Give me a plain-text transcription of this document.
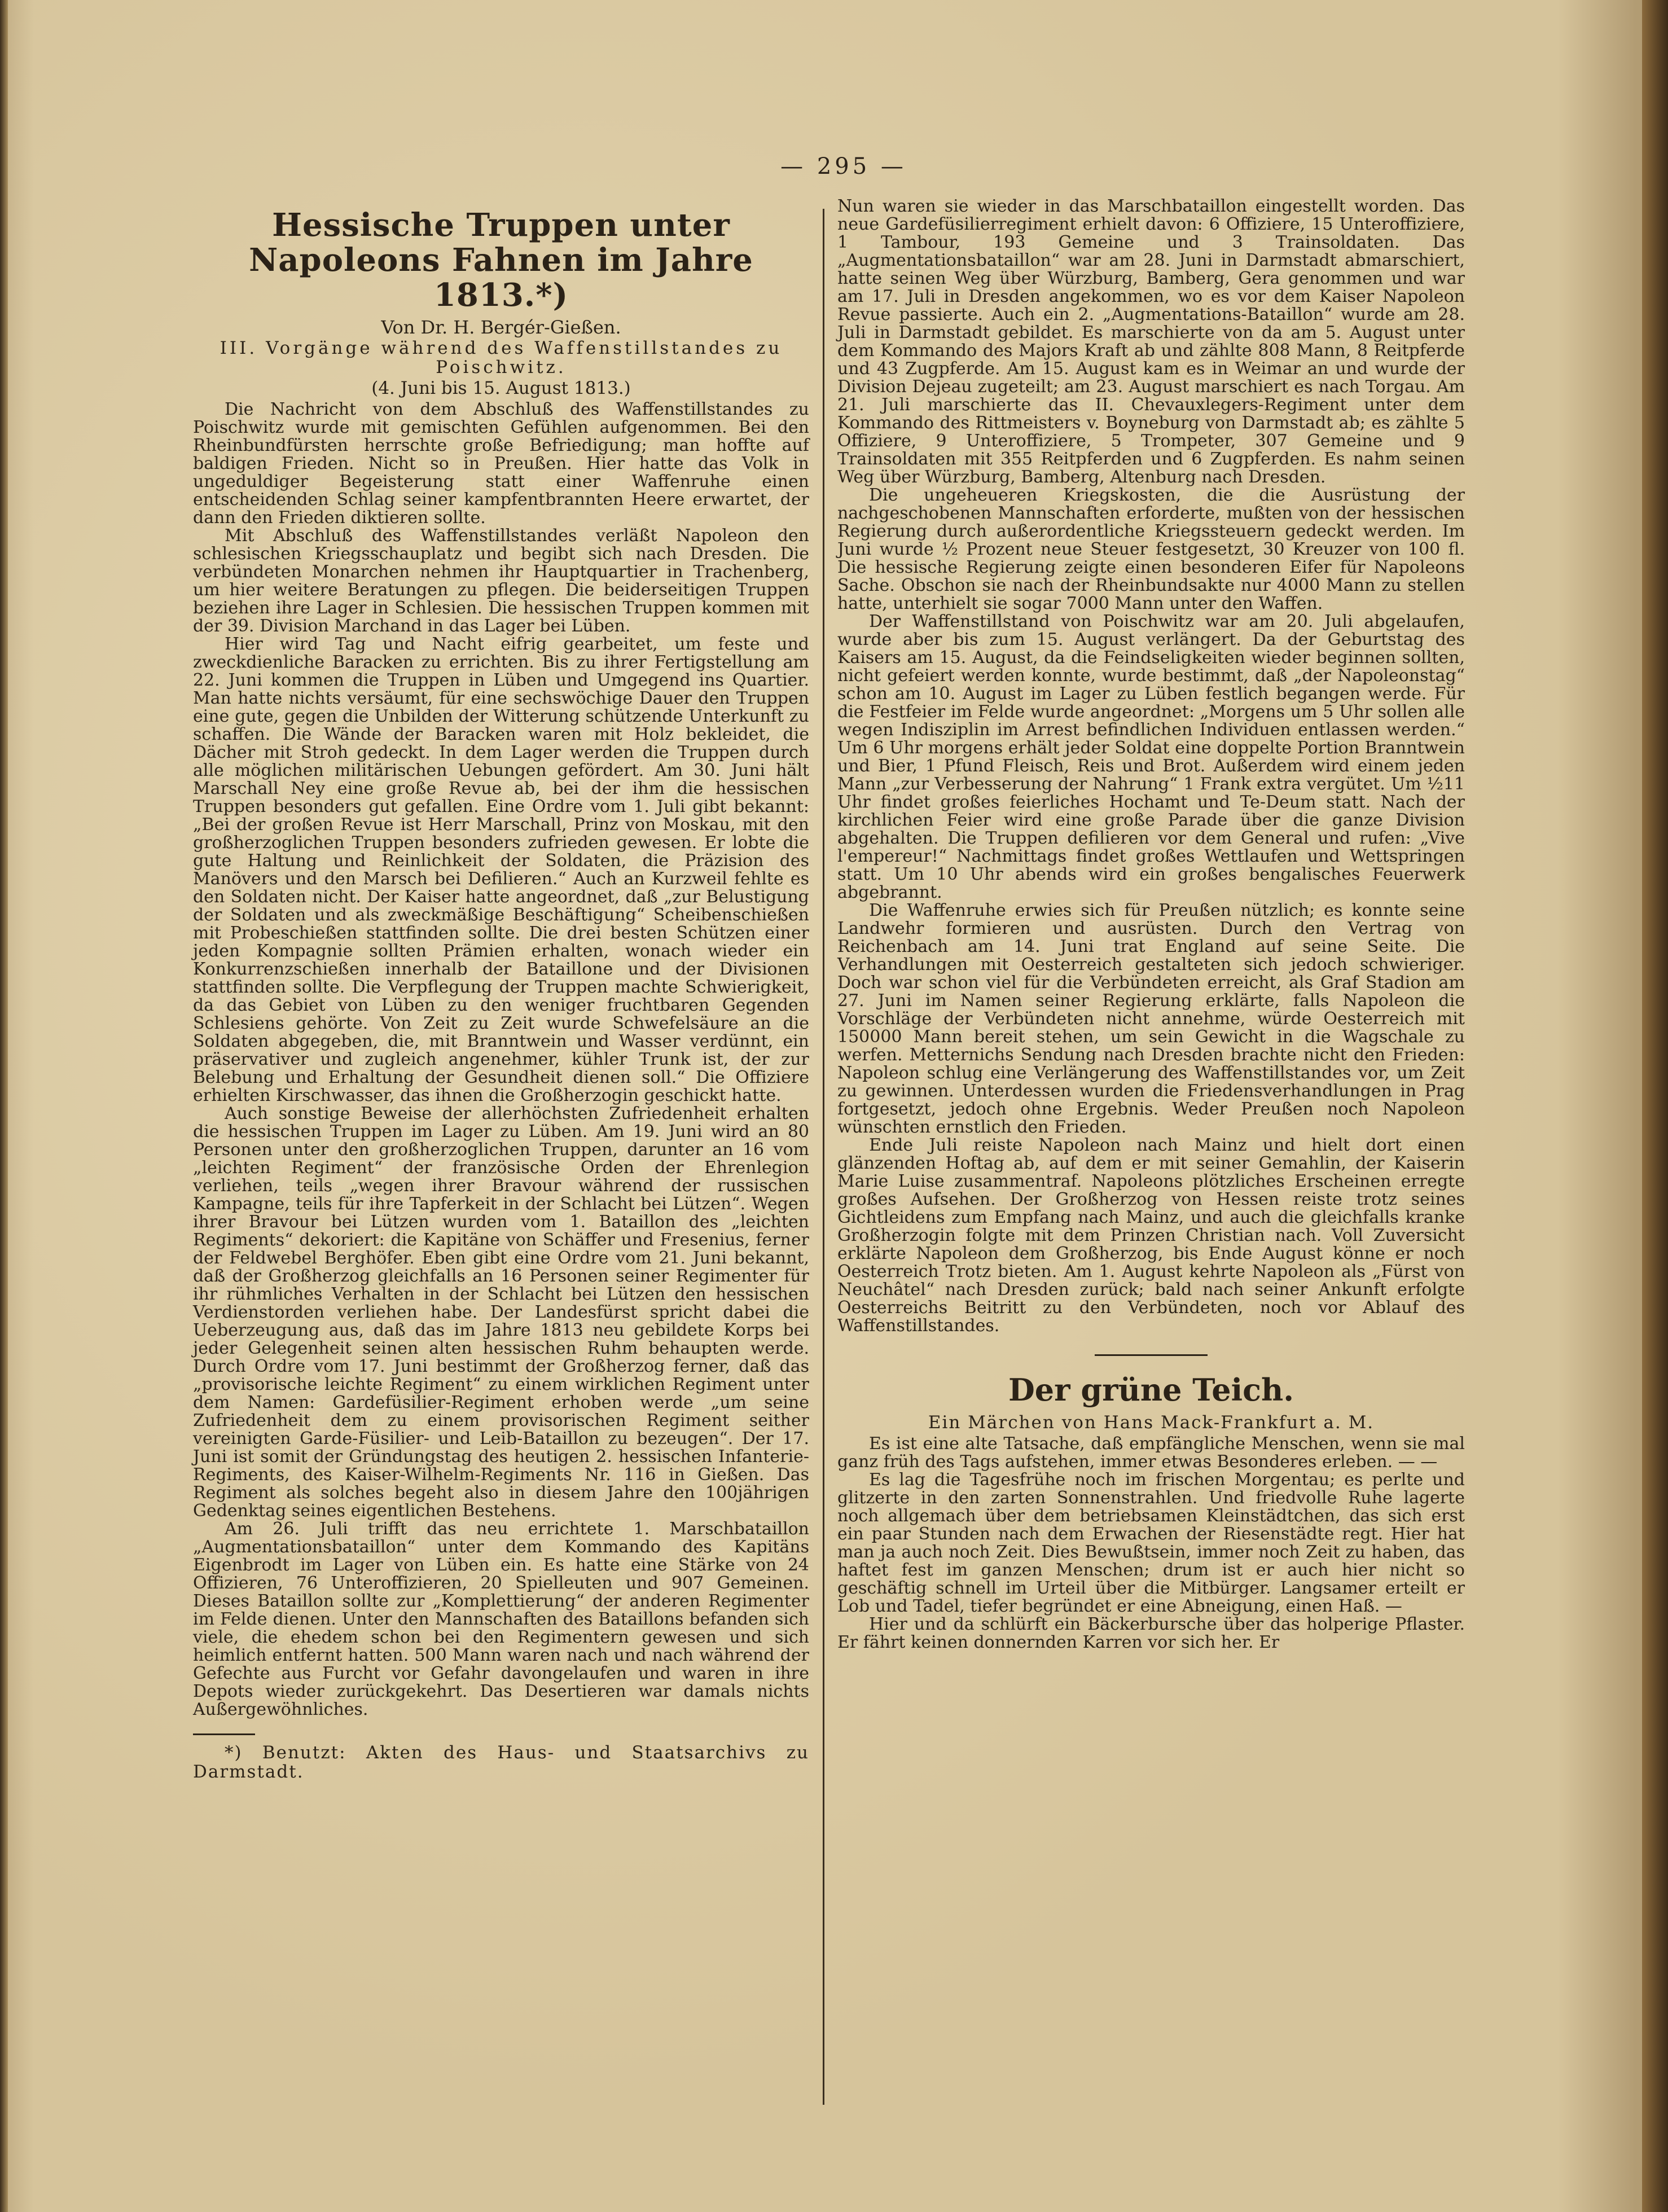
— 295 —
Hessische Truppen unter Napoleons Fahnen im Jahre 1813.*)
Von Dr. H. Bergér-Gießen.
III. Vorgänge während des Waffenstillstandes zu Poischwitz.
(4. Juni bis 15. August 1813.)

Die Nachricht von dem Abschluß des Waffenstillstandes zu Poischwitz wurde mit gemischten Gefühlen aufgenommen. Bei den Rheinbundfürsten herrschte große Befriedigung; man hoffte auf baldigen Frieden. Nicht so in Preußen. Hier hatte das Volk in ungeduldiger Begeisterung statt einer Waffenruhe einen entscheidenden Schlag seiner kampfentbrannten Heere erwartet, der dann den Frieden diktieren sollte.

Mit Abschluß des Waffenstillstandes verläßt Napoleon den schlesischen Kriegsschauplatz und begibt sich nach Dresden. Die verbündeten Monarchen nehmen ihr Hauptquartier in Trachenberg, um hier weitere Beratungen zu pflegen. Die beiderseitigen Truppen beziehen ihre Lager in Schlesien. Die hessischen Truppen kommen mit der 39. Division Marchand in das Lager bei Lüben.

Hier wird Tag und Nacht eifrig gearbeitet, um feste und zweckdienliche Baracken zu errichten. Bis zu ihrer Fertigstellung am 22. Juni kommen die Truppen in Lüben und Umgegend ins Quartier. Man hatte nichts versäumt, für eine sechswöchige Dauer den Truppen eine gute, gegen die Unbilden der Witterung schützende Unterkunft zu schaffen. Die Wände der Baracken waren mit Holz bekleidet, die Dächer mit Stroh gedeckt. In dem Lager werden die Truppen durch alle möglichen militärischen Uebungen gefördert. Am 30. Juni hält Marschall Ney eine große Revue ab, bei der ihm die hessischen Truppen besonders gut gefallen. Eine Ordre vom 1. Juli gibt bekannt: „Bei der großen Revue ist Herr Marschall, Prinz von Moskau, mit den großherzoglichen Truppen besonders zufrieden gewesen. Er lobte die gute Haltung und Reinlichkeit der Soldaten, die Präzision des Manövers und den Marsch bei Defilieren.“ Auch an Kurzweil fehlte es den Soldaten nicht. Der Kaiser hatte angeordnet, daß „zur Belustigung der Soldaten und als zweckmäßige Beschäftigung“ Scheibenschießen mit Probeschießen stattfinden sollte. Die drei besten Schützen einer jeden Kompagnie sollten Prämien erhalten, wonach wieder ein Konkurrenzschießen innerhalb der Bataillone und der Divisionen stattfinden sollte. Die Verpflegung der Truppen machte Schwierigkeit, da das Gebiet von Lüben zu den weniger fruchtbaren Gegenden Schlesiens gehörte. Von Zeit zu Zeit wurde Schwefelsäure an die Soldaten abgegeben, die, mit Branntwein und Wasser verdünnt, ein präservativer und zugleich angenehmer, kühler Trunk ist, der zur Belebung und Erhaltung der Gesundheit dienen soll.“ Die Offiziere erhielten Kirschwasser, das ihnen die Großherzogin geschickt hatte.

Auch sonstige Beweise der allerhöchsten Zufriedenheit erhalten die hessischen Truppen im Lager zu Lüben. Am 19. Juni wird an 80 Personen unter den großherzoglichen Truppen, darunter an 16 vom „leichten Regiment“ der französische Orden der Ehrenlegion verliehen, teils „wegen ihrer Bravour während der russischen Kampagne, teils für ihre Tapferkeit in der Schlacht bei Lützen“. Wegen ihrer Bravour bei Lützen wurden vom 1. Bataillon des „leichten Regiments“ dekoriert: die Kapitäne von Schäffer und Fresenius, ferner der Feldwebel Berghöfer. Eben gibt eine Ordre vom 21. Juni bekannt, daß der Großherzog gleichfalls an 16 Personen seiner Regimenter für ihr rühmliches Verhalten in der Schlacht bei Lützen den hessischen Verdienstorden verliehen habe. Der Landesfürst spricht dabei die Ueberzeugung aus, daß das im Jahre 1813 neu gebildete Korps bei jeder Gelegenheit seinen alten hessischen Ruhm behaupten werde. Durch Ordre vom 17. Juni bestimmt der Großherzog ferner, daß das „provisorische leichte Regiment“ zu einem wirklichen Regiment unter dem Namen: Gardefüsilier-Regiment erhoben werde „um seine Zufriedenheit dem zu einem provisorischen Regiment seither vereinigten Garde-Füsilier- und Leib-Bataillon zu bezeugen“. Der 17. Juni ist somit der Gründungstag des heutigen 2. hessischen Infanterie-Regiments, des Kaiser-Wilhelm-Regiments Nr. 116 in Gießen. Das Regiment als solches begeht also in diesem Jahre den 100jährigen Gedenktag seines eigentlichen Bestehens.

Am 26. Juli trifft das neu errichtete 1. Marschbataillon „Augmentationsbataillon“ unter dem Kommando des Kapitäns Eigenbrodt im Lager von Lüben ein. Es hatte eine Stärke von 24 Offizieren, 76 Unteroffizieren, 20 Spielleuten und 907 Gemeinen. Dieses Bataillon sollte zur „Komplettierung“ der anderen Regimenter im Felde dienen. Unter den Mannschaften des Bataillons befanden sich viele, die ehedem schon bei den Regimentern gewesen und sich heimlich entfernt hatten. 500 Mann waren nach und nach während der Gefechte aus Furcht vor Gefahr davongelaufen und waren in ihre Depots wieder zurückgekehrt. Das Desertieren war damals nichts Außergewöhnliches.

*) Benutzt: Akten des Haus- und Staatsarchivs zu Darmstadt.

Nun waren sie wieder in das Marschbataillon eingestellt worden. Das neue Gardefüsilierregiment erhielt davon: 6 Offiziere, 15 Unteroffiziere, 1 Tambour, 193 Gemeine und 3 Trainsoldaten. Das „Augmentationsbataillon“ war am 28. Juni in Darmstadt abmarschiert, hatte seinen Weg über Würzburg, Bamberg, Gera genommen und war am 17. Juli in Dresden angekommen, wo es vor dem Kaiser Napoleon Revue passierte. Auch ein 2. „Augmentations-Bataillon“ wurde am 28. Juli in Darmstadt gebildet. Es marschierte von da am 5. August unter dem Kommando des Majors Kraft ab und zählte 808 Mann, 8 Reitpferde und 43 Zugpferde. Am 15. August kam es in Weimar an und wurde der Division Dejeau zugeteilt; am 23. August marschiert es nach Torgau. Am 21. Juli marschierte das II. Chevauxlegers-Regiment unter dem Kommando des Rittmeisters v. Boyneburg von Darmstadt ab; es zählte 5 Offiziere, 9 Unteroffiziere, 5 Trompeter, 307 Gemeine und 9 Trainsoldaten mit 355 Reitpferden und 6 Zugpferden. Es nahm seinen Weg über Würzburg, Bamberg, Altenburg nach Dresden.

Die ungeheueren Kriegskosten, die die Ausrüstung der nachgeschobenen Mannschaften erforderte, mußten von der hessischen Regierung durch außerordentliche Kriegssteuern gedeckt werden. Im Juni wurde ½ Prozent neue Steuer festgesetzt, 30 Kreuzer von 100 fl. Die hessische Regierung zeigte einen besonderen Eifer für Napoleons Sache. Obschon sie nach der Rheinbundsakte nur 4000 Mann zu stellen hatte, unterhielt sie sogar 7000 Mann unter den Waffen.

Der Waffenstillstand von Poischwitz war am 20. Juli abgelaufen, wurde aber bis zum 15. August verlängert. Da der Geburtstag des Kaisers am 15. August, da die Feindseligkeiten wieder beginnen sollten, nicht gefeiert werden konnte, wurde bestimmt, daß „der Napoleonstag“ schon am 10. August im Lager zu Lüben festlich begangen werde. Für die Festfeier im Felde wurde angeordnet: „Morgens um 5 Uhr sollen alle wegen Indisziplin im Arrest befindlichen Individuen entlassen werden.“ Um 6 Uhr morgens erhält jeder Soldat eine doppelte Portion Branntwein und Bier, 1 Pfund Fleisch, Reis und Brot. Außerdem wird einem jeden Mann „zur Verbesserung der Nahrung“ 1 Frank extra vergütet. Um ½11 Uhr findet großes feierliches Hochamt und Te-Deum statt. Nach der kirchlichen Feier wird eine große Parade über die ganze Division abgehalten. Die Truppen defilieren vor dem General und rufen: „Vive l'empereur!“ Nachmittags findet großes Wettlaufen und Wettspringen statt. Um 10 Uhr abends wird ein großes bengalisches Feuerwerk abgebrannt.

Die Waffenruhe erwies sich für Preußen nützlich; es konnte seine Landwehr formieren und ausrüsten. Durch den Vertrag von Reichenbach am 14. Juni trat England auf seine Seite. Die Verhandlungen mit Oesterreich gestalteten sich jedoch schwieriger. Doch war schon viel für die Verbündeten erreicht, als Graf Stadion am 27. Juni im Namen seiner Regierung erklärte, falls Napoleon die Vorschläge der Verbündeten nicht annehme, würde Oesterreich mit 150000 Mann bereit stehen, um sein Gewicht in die Wagschale zu werfen. Metternichs Sendung nach Dresden brachte nicht den Frieden: Napoleon schlug eine Verlängerung des Waffenstillstandes vor, um Zeit zu gewinnen. Unterdessen wurden die Friedensverhandlungen in Prag fortgesetzt, jedoch ohne Ergebnis. Weder Preußen noch Napoleon wünschten ernstlich den Frieden.

Ende Juli reiste Napoleon nach Mainz und hielt dort einen glänzenden Hoftag ab, auf dem er mit seiner Gemahlin, der Kaiserin Marie Luise zusammentraf. Napoleons plötzliches Erscheinen erregte großes Aufsehen. Der Großherzog von Hessen reiste trotz seines Gichtleidens zum Empfang nach Mainz, und auch die gleichfalls kranke Großherzogin folgte mit dem Prinzen Christian nach. Voll Zuversicht erklärte Napoleon dem Großherzog, bis Ende August könne er noch Oesterreich Trotz bieten. Am 1. August kehrte Napoleon als „Fürst von Neuchâtel“ nach Dresden zurück; bald nach seiner Ankunft erfolgte Oesterreichs Beitritt zu den Verbündeten, noch vor Ablauf des Waffenstillstandes.

Der grüne Teich.
Ein Märchen von Hans Mack-Frankfurt a. M.

Es ist eine alte Tatsache, daß empfängliche Menschen, wenn sie mal ganz früh des Tags aufstehen, immer etwas Besonderes erleben. — —

Es lag die Tagesfrühe noch im frischen Morgentau; es perlte und glitzerte in den zarten Sonnenstrahlen. Und friedvolle Ruhe lagerte noch allgemach über dem betriebsamen Kleinstädtchen, das sich erst ein paar Stunden nach dem Erwachen der Riesenstädte regt. Hier hat man ja auch noch Zeit. Dies Bewußtsein, immer noch Zeit zu haben, das haftet fest im ganzen Menschen; drum ist er auch hier nicht so geschäftig schnell im Urteil über die Mitbürger. Langsamer erteilt er Lob und Tadel, tiefer begründet er eine Abneigung, einen Haß. —

Hier und da schlürft ein Bäckerbursche über das holperige Pflaster. Er fährt keinen donnernden Karren vor sich her. Er
